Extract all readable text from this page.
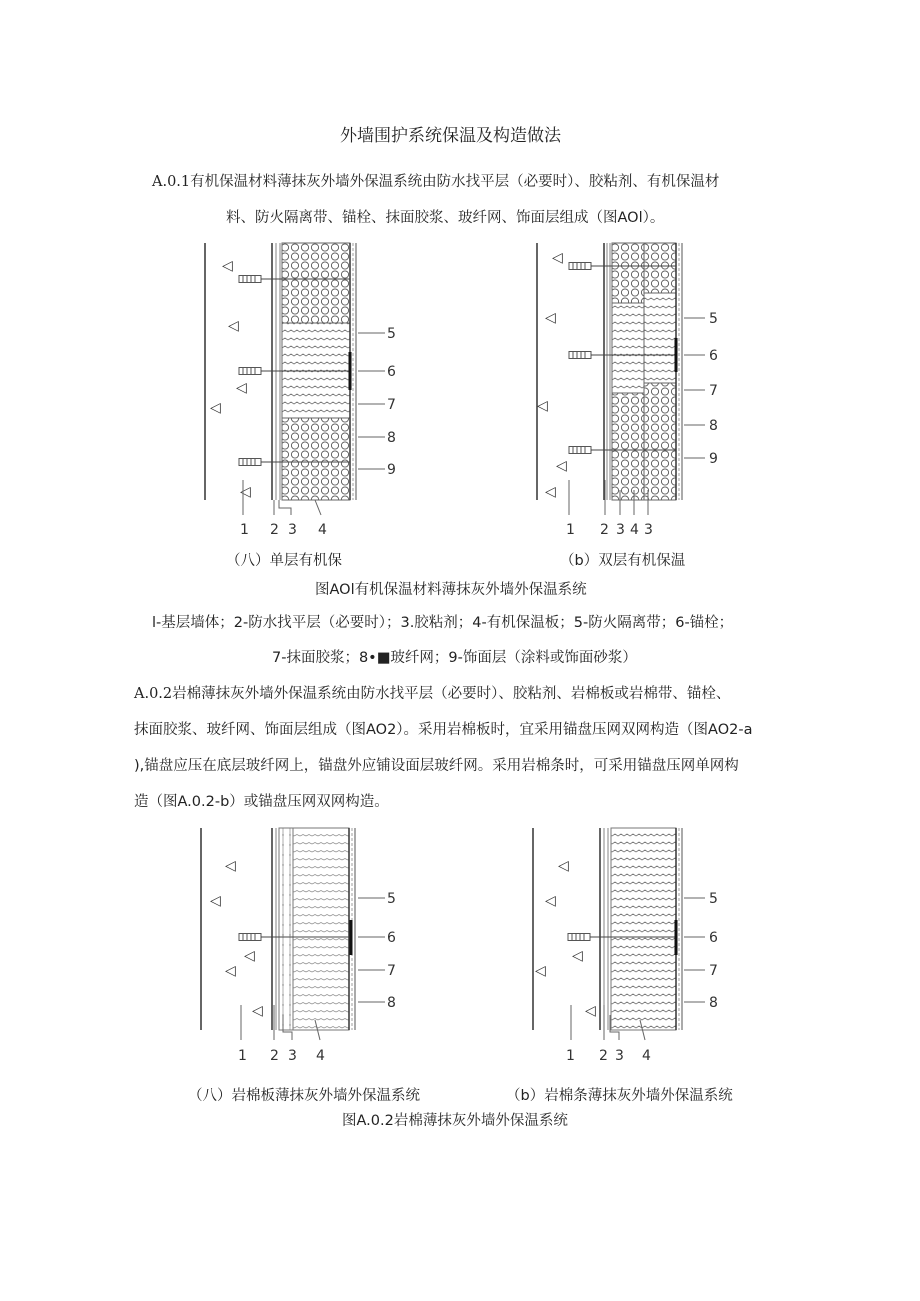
◁
◁
◁
◁
◁
◁
◁
◁
◁
◁
◁
◁
◁
◁
◁
◁
◁
◁
◁
◁
1 2 3 4
5
6
7
8
9
1 2 3 4 3
5
6
7
8
9
1 2 3 4
5
6
7
8
1 2 3 4
5
6
7
8
外墙围护系统保温及构造做法
A.0.1有机保温材料薄抹灰外墙外保温系统由防水找平层（必要时）、胶粘剂、有机保温材
料、防火隔离带、锚栓、抹面胶浆、玻纤网、饰面层组成（图AOl）。
（八）单层有机保	（b）双层有机保温
图AOl有机保温材料薄抹灰外墙外保温系统
l-基层墙体；2-防水找平层（必要时）；3.胶粘剂；4-有机保温板；5-防火隔离带；6-锚栓；
7-抹面胶浆；8•■玻纤网；9-饰面层（涂料或饰面砂浆）
A.0.2岩棉薄抹灰外墙外保温系统由防水找平层（必要时）、胶粘剂、岩棉板或岩棉带、锚栓、
抹面胶浆、玻纤网、饰面层组成（图AO2）。采用岩棉板时，宜采用锚盘压网双网构造（图AO2-a
),锚盘应压在底层玻纤网上，锚盘外应铺设面层玻纤网。采用岩棉条时，可采用锚盘压网单网构
造（图A.0.2-b）或锚盘压网双网构造。
（八）岩棉板薄抹灰外墙外保温系统	（b）岩棉条薄抹灰外墙外保温系统
图A.0.2岩棉薄抹灰外墙外保温系统
